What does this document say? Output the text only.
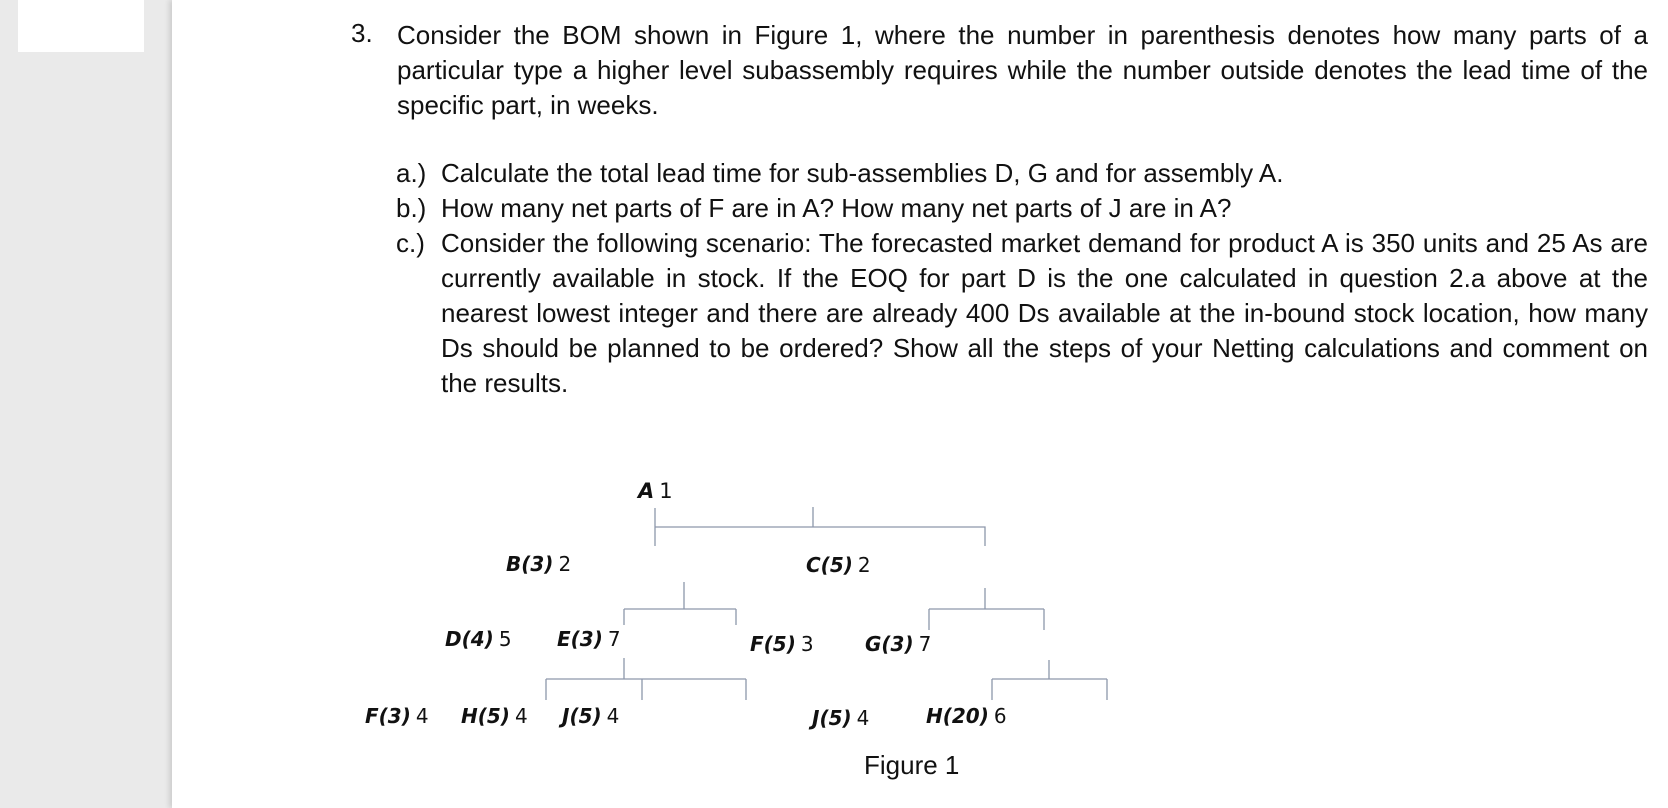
3. Consider the BOM shown in Figure 1, where the number in parenthesis denotes how many parts of a particular type a higher level subassembly requires while the number outside denotes the lead time of the specific part, in weeks.
a.) Calculate the total lead time for sub-assemblies D, G and for assembly A.
b.) How many net parts of F are in A? How many net parts of J are in A?
c.) Consider the following scenario: The forecasted market demand for product A is 350 units and 25 As are currently available in stock. If the EOQ for part D is the one calculated in question 2.a above at the nearest lowest integer and there are already 400 Ds available at the in-bound stock location, how many Ds should be planned to be ordered? Show all the steps of your Netting calculations and comment on the results.
A 1
B(3) 2	C(5) 2
D(4) 5 E(3) 7	F(5) 3	G(3) 7
F(3) 4 H(5) 4 J(5) 4	J(5) 4	H(20) 6
Figure 1
